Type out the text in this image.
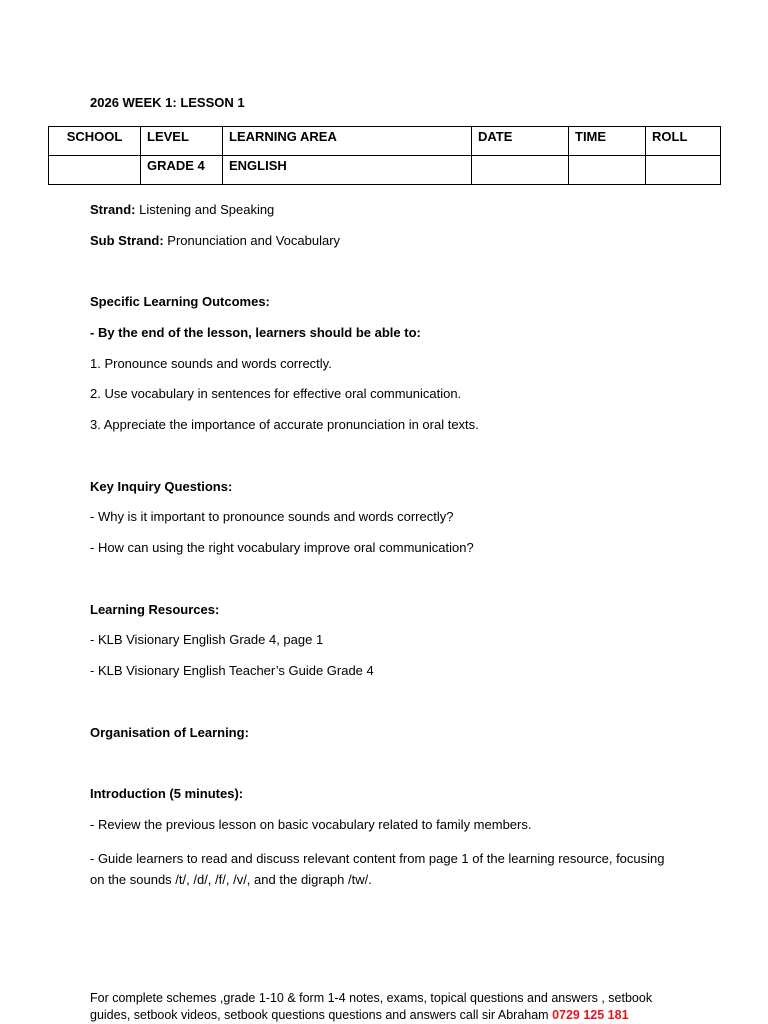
2026 WEEK 1: LESSON 1
SCHOOL	LEVEL	LEARNING AREA	DATE	TIME	ROLL
	GRADE 4	ENGLISH			
Strand: Listening and Speaking
Sub Strand: Pronunciation and Vocabulary
Specific Learning Outcomes:
- By the end of the lesson, learners should be able to:
1. Pronounce sounds and words correctly.
2. Use vocabulary in sentences for effective oral communication.
3. Appreciate the importance of accurate pronunciation in oral texts.
Key Inquiry Questions:
- Why is it important to pronounce sounds and words correctly?
- How can using the right vocabulary improve oral communication?
Learning Resources:
- KLB Visionary English Grade 4, page 1
- KLB Visionary English Teacher’s Guide Grade 4
Organisation of Learning:
Introduction (5 minutes):
- Review the previous lesson on basic vocabulary related to family members.
- Guide learners to read and discuss relevant content from page 1 of the learning resource, focusing on the sounds /t/, /d/, /f/, /v/, and the digraph /tw/.
For complete schemes ,grade 1-10 & form 1-4 notes, exams, topical questions and answers , setbook guides, setbook videos, setbook questions questions and answers call sir Abraham 0729 125 181
